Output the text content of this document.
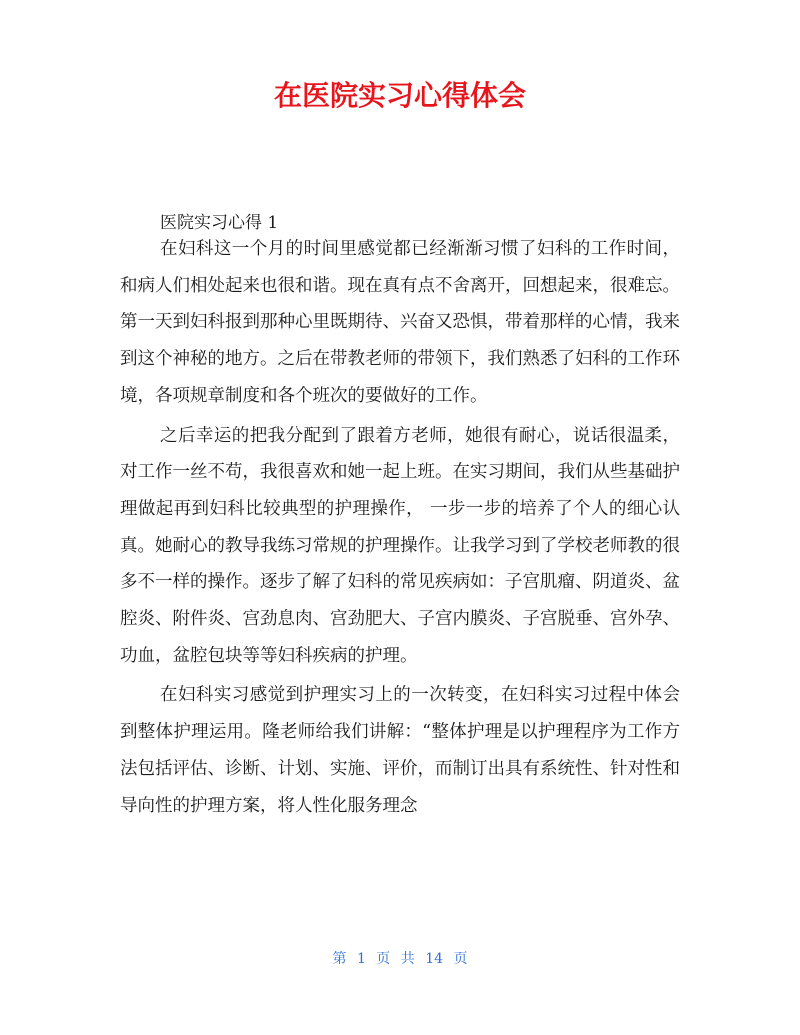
在医院实习心得体会

医院实习心得 1

在妇科这一个月的时间里感觉都已经渐渐习惯了妇科的工作时间，和病人们相处起来也很和谐。现在真有点不舍离开，回想起来，很难忘。第一天到妇科报到那种心里既期待、兴奋又恐惧，带着那样的心情，我来到这个神秘的地方。之后在带教老师的带领下，我们熟悉了妇科的工作环境，各项规章制度和各个班次的要做好的工作。

之后幸运的把我分配到了跟着方老师，她很有耐心，说话很温柔，对工作一丝不苟，我很喜欢和她一起上班。在实习期间，我们从些基础护理做起再到妇科比较典型的护理操作， 一步一步的培养了个人的细心认真。她耐心的教导我练习常规的护理操作。让我学习到了学校老师教的很多不一样的操作。逐步了解了妇科的常见疾病如：子宫肌瘤、阴道炎、盆腔炎、附件炎、宫劲息肉、宫劲肥大、子宫内膜炎、子宫脱垂、宫外孕、功血，盆腔包块等等妇科疾病的护理。

在妇科实习感觉到护理实习上的一次转变，在妇科实习过程中体会到整体护理运用。隆老师给我们讲解：“整体护理是以护理程序为工作方法包括评估、诊断、计划、实施、评价，而制订出具有系统性、针对性和导向性的护理方案，将人性化服务理念

第 1 页 共 14 页
